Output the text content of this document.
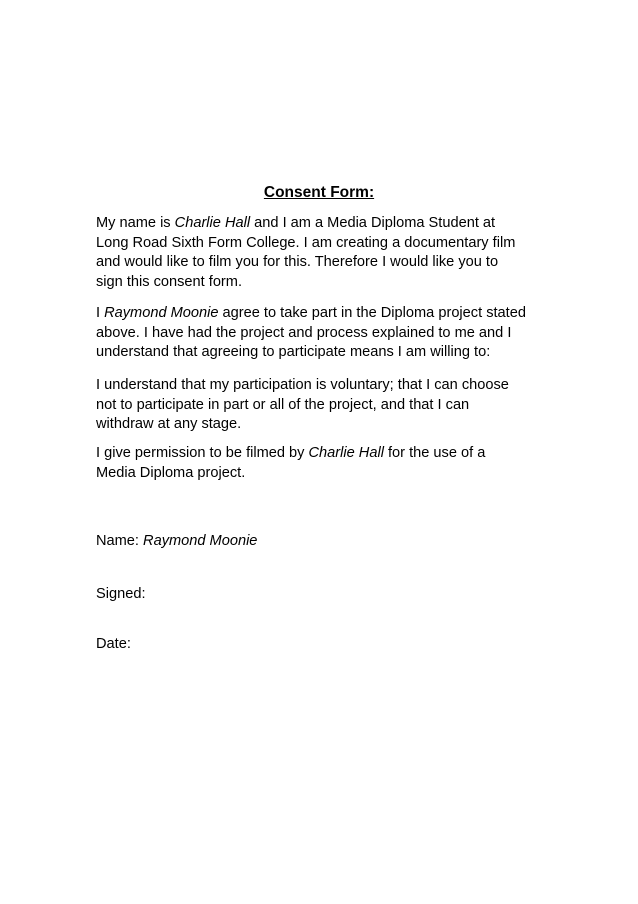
Consent Form:

My name is Charlie Hall and I am a Media Diploma Student at
Long Road Sixth Form College. I am creating a documentary film
and would like to film you for this. Therefore I would like you to
sign this consent form.

I Raymond Moonie agree to take part in the Diploma project stated
above. I have had the project and process explained to me and I
understand that agreeing to participate means I am willing to:

I understand that my participation is voluntary; that I can choose
not to participate in part or all of the project, and that I can
withdraw at any stage.

I give permission to be filmed by Charlie Hall for the use of a
Media Diploma project.

Name: Raymond Moonie

Signed:

Date:
